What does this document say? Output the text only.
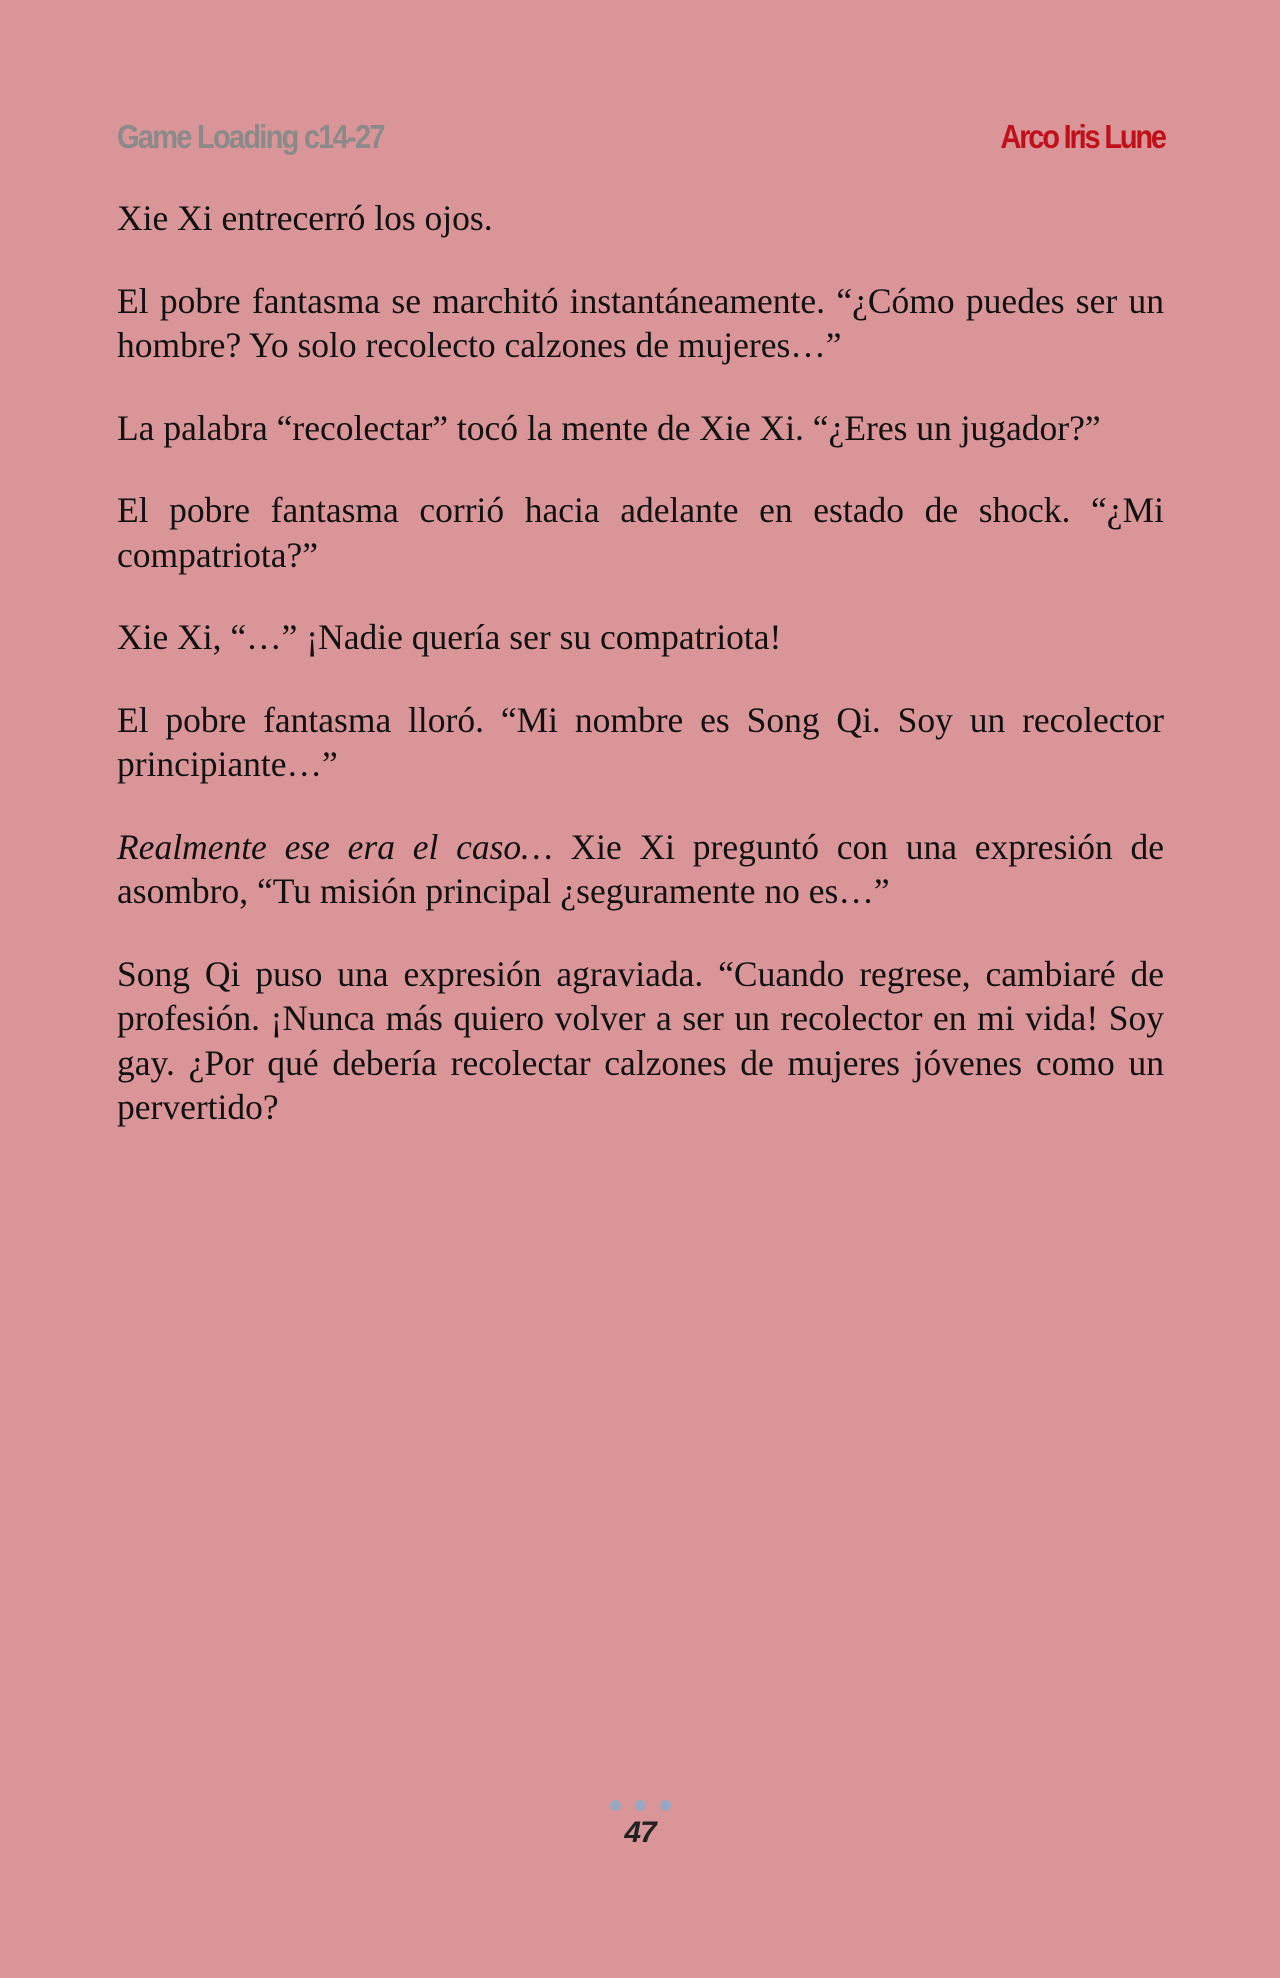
Game Loading c14-27	Arco Iris Lune

Xie Xi entrecerró los ojos.

El pobre fantasma se marchitó instantáneamente. “¿Cómo puedes ser un hombre? Yo solo recolecto calzones de mujeres…”

La palabra “recolectar” tocó la mente de Xie Xi. “¿Eres un jugador?”

El pobre fantasma corrió hacia adelante en estado de shock. “¿Mi compatriota?”

Xie Xi, “…” ¡Nadie quería ser su compatriota!

El pobre fantasma lloró. “Mi nombre es Song Qi. Soy un recolector principiante…”

Realmente ese era el caso… Xie Xi preguntó con una expresión de asombro, “Tu misión principal ¿seguramente no es…”

Song Qi puso una expresión agraviada. “Cuando regrese, cambiaré de profesión. ¡Nunca más quiero volver a ser un recolector en mi vida! Soy gay. ¿Por qué debería recolectar calzones de mujeres jóvenes como un pervertido?

47
